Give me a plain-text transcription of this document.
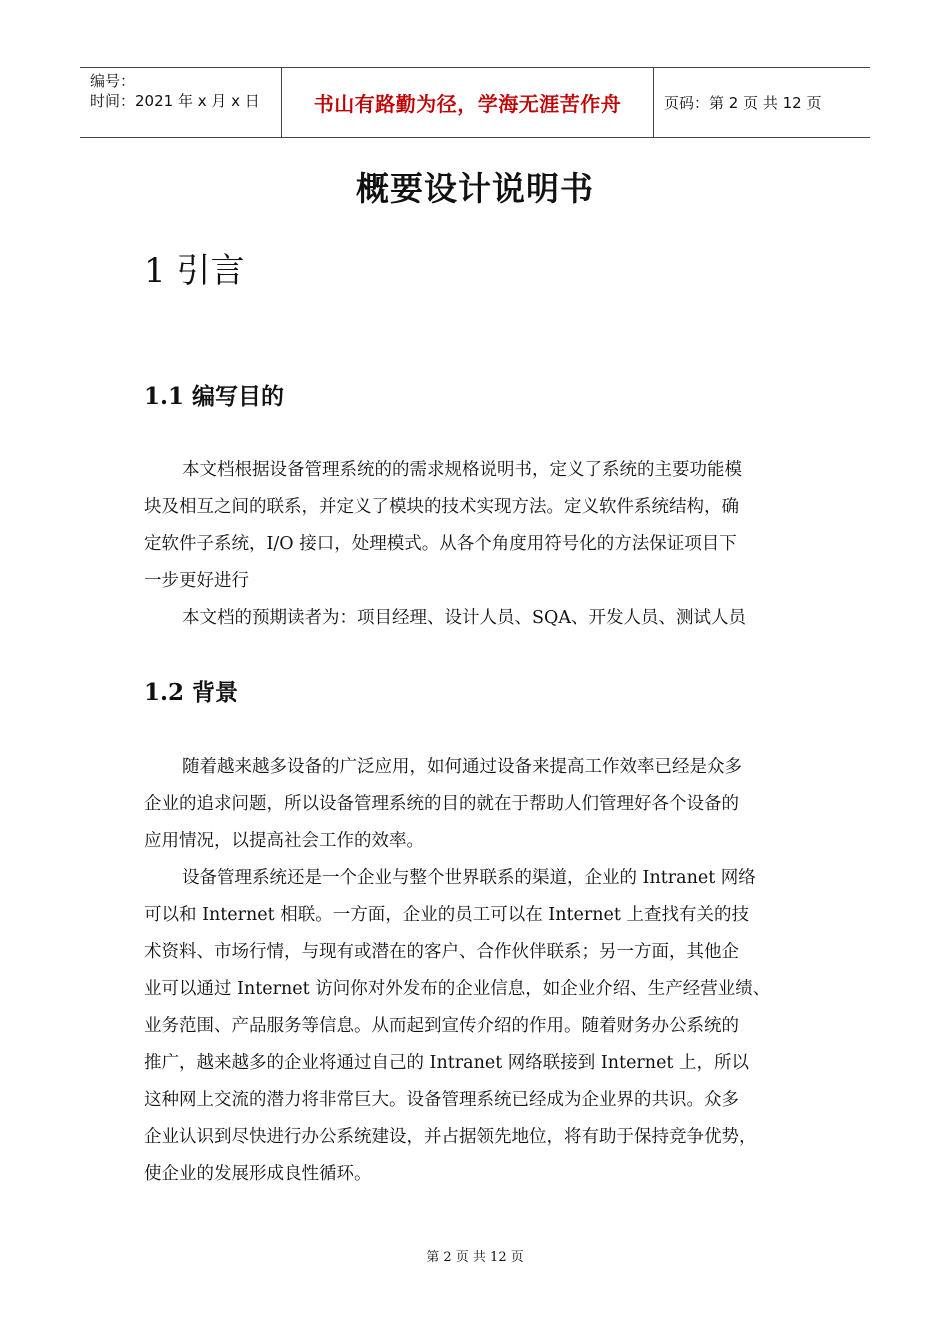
编号：
时间：2021 年 x 月 x 日	书山有路勤为径，学海无涯苦作舟	页码：第 2 页 共 12 页
概要设计说明书
1 引言
1.1 编写目的

本文档根据设备管理系统的的需求规格说明书，定义了系统的主要功能模

块及相互之间的联系，并定义了模块的技术实现方法。定义软件系统结构，确

定软件子系统，I/O 接口，处理模式。从各个角度用符号化的方法保证项目下

一步更好进行

本文档的预期读者为：项目经理、设计人员、SQA、开发人员、测试人员

1.2 背景

随着越来越多设备的广泛应用，如何通过设备来提高工作效率已经是众多

企业的追求问题，所以设备管理系统的目的就在于帮助人们管理好各个设备的

应用情况，以提高社会工作的效率。

设备管理系统还是一个企业与整个世界联系的渠道，企业的 Intranet 网络

可以和 Internet 相联。一方面，企业的员工可以在 Internet 上查找有关的技

术资料、市场行情，与现有或潜在的客户、合作伙伴联系；另一方面，其他企

业可以通过 Internet 访问你对外发布的企业信息，如企业介绍、生产经营业绩、

业务范围、产品服务等信息。从而起到宣传介绍的作用。随着财务办公系统的

推广，越来越多的企业将通过自己的 Intranet 网络联接到 Internet 上，所以

这种网上交流的潜力将非常巨大。设备管理系统已经成为企业界的共识。众多

企业认识到尽快进行办公系统建设，并占据领先地位，将有助于保持竞争优势，

使企业的发展形成良性循环。

第 2 页 共 12 页
